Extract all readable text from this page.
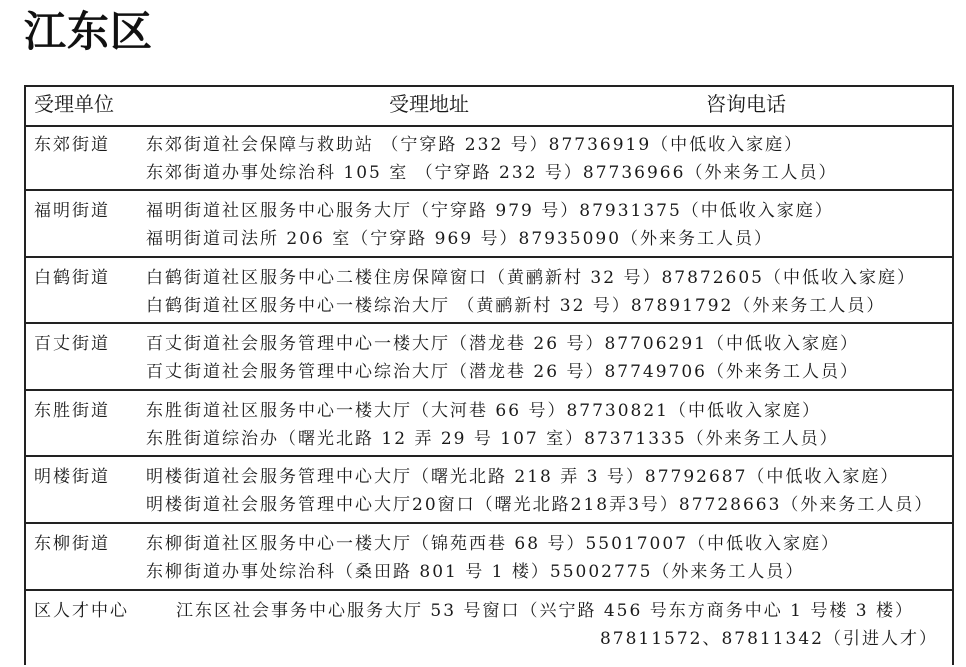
江东区
受理单位	受理地址	咨询电话
东郊街道 东郊街道社会保障与救助站 （宁穿路 232 号）87736919（中低收入家庭）
东郊街道办事处综治科 105 室 （宁穿路 232 号）87736966（外来务工人员）
福明街道 福明街道社区服务中心服务大厅（宁穿路 979 号）87931375（中低收入家庭）
福明街道司法所 206 室（宁穿路 969 号）87935090（外来务工人员）
白鹤街道 白鹤街道社区服务中心二楼住房保障窗口（黄鹂新村 32 号）87872605（中低收入家庭）
白鹤街道社区服务中心一楼综治大厅 （黄鹂新村 32 号）87891792（外来务工人员）
百丈街道 百丈街道社会服务管理中心一楼大厅（潜龙巷 26 号）87706291（中低收入家庭）
百丈街道社会服务管理中心综治大厅（潜龙巷 26 号）87749706（外来务工人员）
东胜街道 东胜街道社区服务中心一楼大厅（大河巷 66 号）87730821（中低收入家庭）
东胜街道综治办（曙光北路 12 弄 29 号 107 室）87371335（外来务工人员）
明楼街道 明楼街道社会服务管理中心大厅（曙光北路 218 弄 3 号）87792687（中低收入家庭）
明楼街道社会服务管理中心大厅20窗口（曙光北路218弄3号）87728663（外来务工人员）
东柳街道 东柳街道社区服务中心一楼大厅（锦苑西巷 68 号）55017007（中低收入家庭）
东柳街道办事处综治科（桑田路 801 号 1 楼）55002775（外来务工人员）
区人才中心	江东区社会事务中心服务大厅 53 号窗口（兴宁路 456 号东方商务中心 1 号楼 3 楼）
87811572、87811342（引进人才）
